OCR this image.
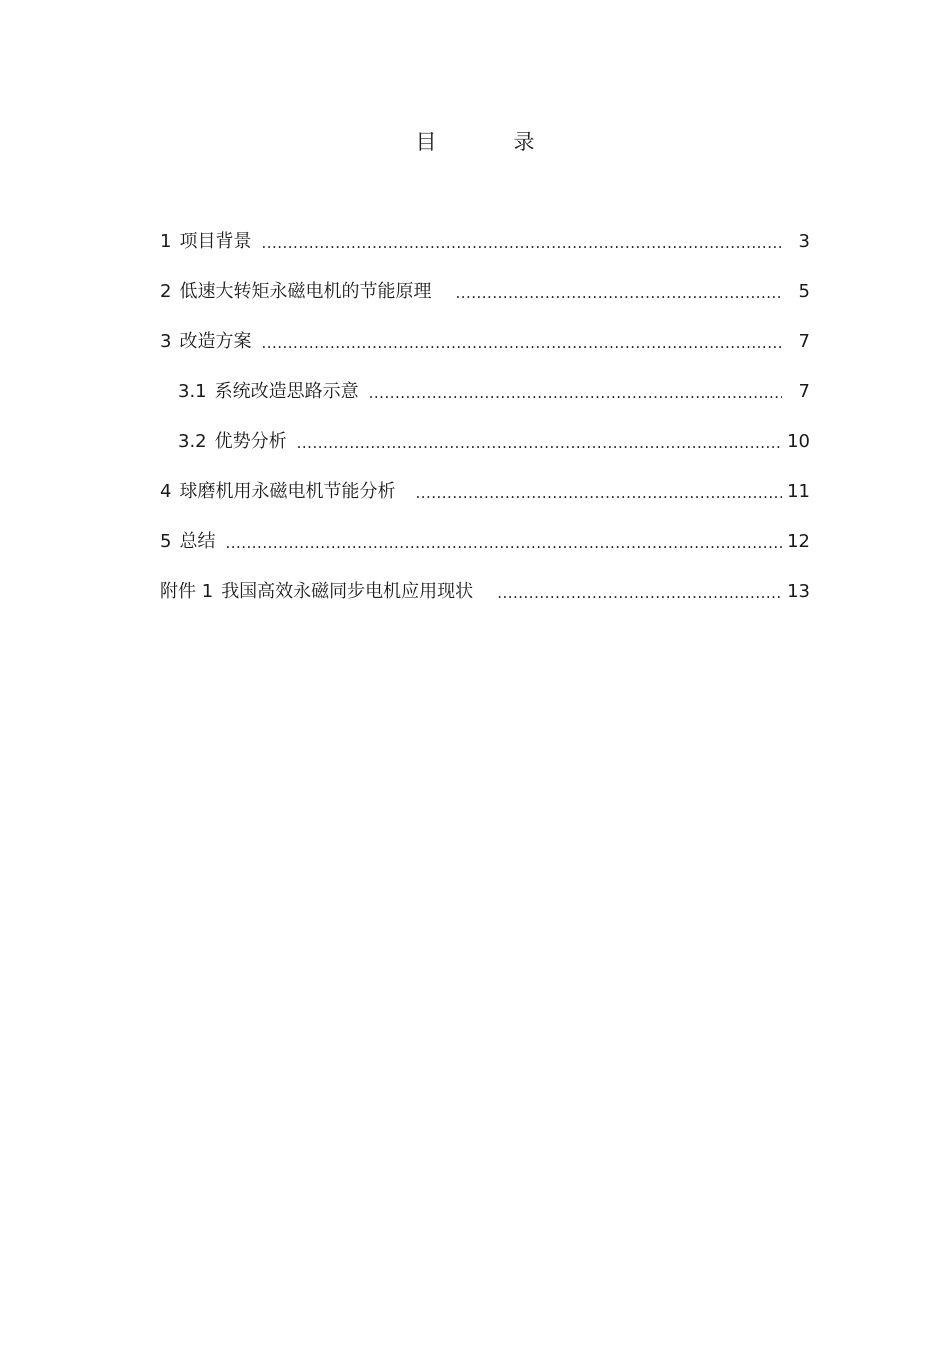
目　录
1 项目背景 .....	3
2 低速大转矩永磁电机的节能原理 .....	5
3 改造方案 .....	7
3.1 系统改造思路示意 .....	7
3.2 优势分析 .....	10
4 球磨机用永磁电机节能分析 .....	11
5 总结 .....	12
附件 1 我国高效永磁同步电机应用现状 .....	13
